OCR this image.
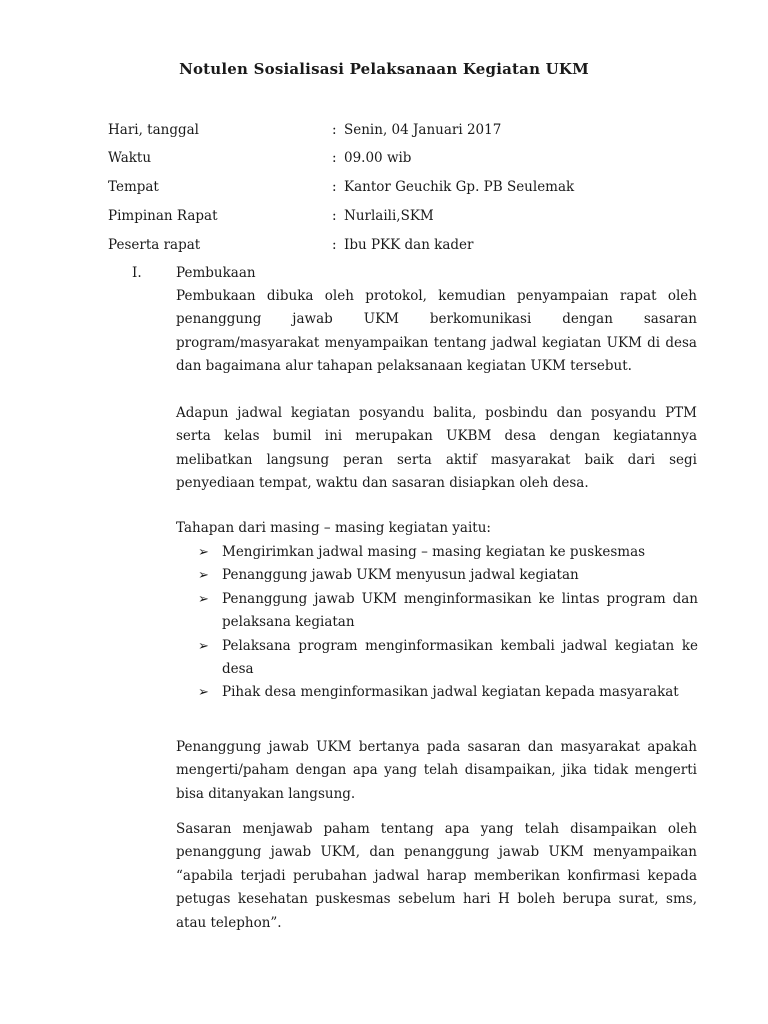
Notulen Sosialisasi Pelaksanaan Kegiatan UKM
Hari, tanggal	: Senin, 04 Januari 2017
Waktu	: 09.00 wib
Tempat	: Kantor Geuchik Gp. PB Seulemak
Pimpinan Rapat	: Nurlaili,SKM
Peserta rapat	: Ibu PKK dan kader
I.	Pembukaan

Pembukaan dibuka oleh protokol, kemudian penyampaian rapat oleh penanggung jawab UKM berkomunikasi dengan sasaran program/masyarakat menyampaikan tentang jadwal kegiatan UKM di desa dan bagaimana alur tahapan pelaksanaan kegiatan UKM tersebut.

Adapun jadwal kegiatan posyandu balita, posbindu dan posyandu PTM serta kelas bumil ini merupakan UKBM desa dengan kegiatannya melibatkan langsung peran serta aktif masyarakat baik dari segi penyediaan tempat, waktu dan sasaran disiapkan oleh desa.

Tahapan dari masing – masing kegiatan yaitu:
➢ Mengirimkan jadwal masing – masing kegiatan ke puskesmas
➢ Penanggung jawab UKM menyusun jadwal kegiatan
➢ Penanggung jawab UKM menginformasikan ke lintas program dan pelaksana kegiatan
➢ Pelaksana program menginformasikan kembali jadwal kegiatan ke desa
➢ Pihak desa menginformasikan jadwal kegiatan kepada masyarakat

Penanggung jawab UKM bertanya pada sasaran dan masyarakat apakah mengerti/paham dengan apa yang telah disampaikan, jika tidak mengerti bisa ditanyakan langsung.

Sasaran menjawab paham tentang apa yang telah disampaikan oleh penanggung jawab UKM, dan penanggung jawab UKM menyampaikan “apabila terjadi perubahan jadwal harap memberikan konfirmasi kepada petugas kesehatan puskesmas sebelum hari H boleh berupa surat, sms, atau telephon”.
